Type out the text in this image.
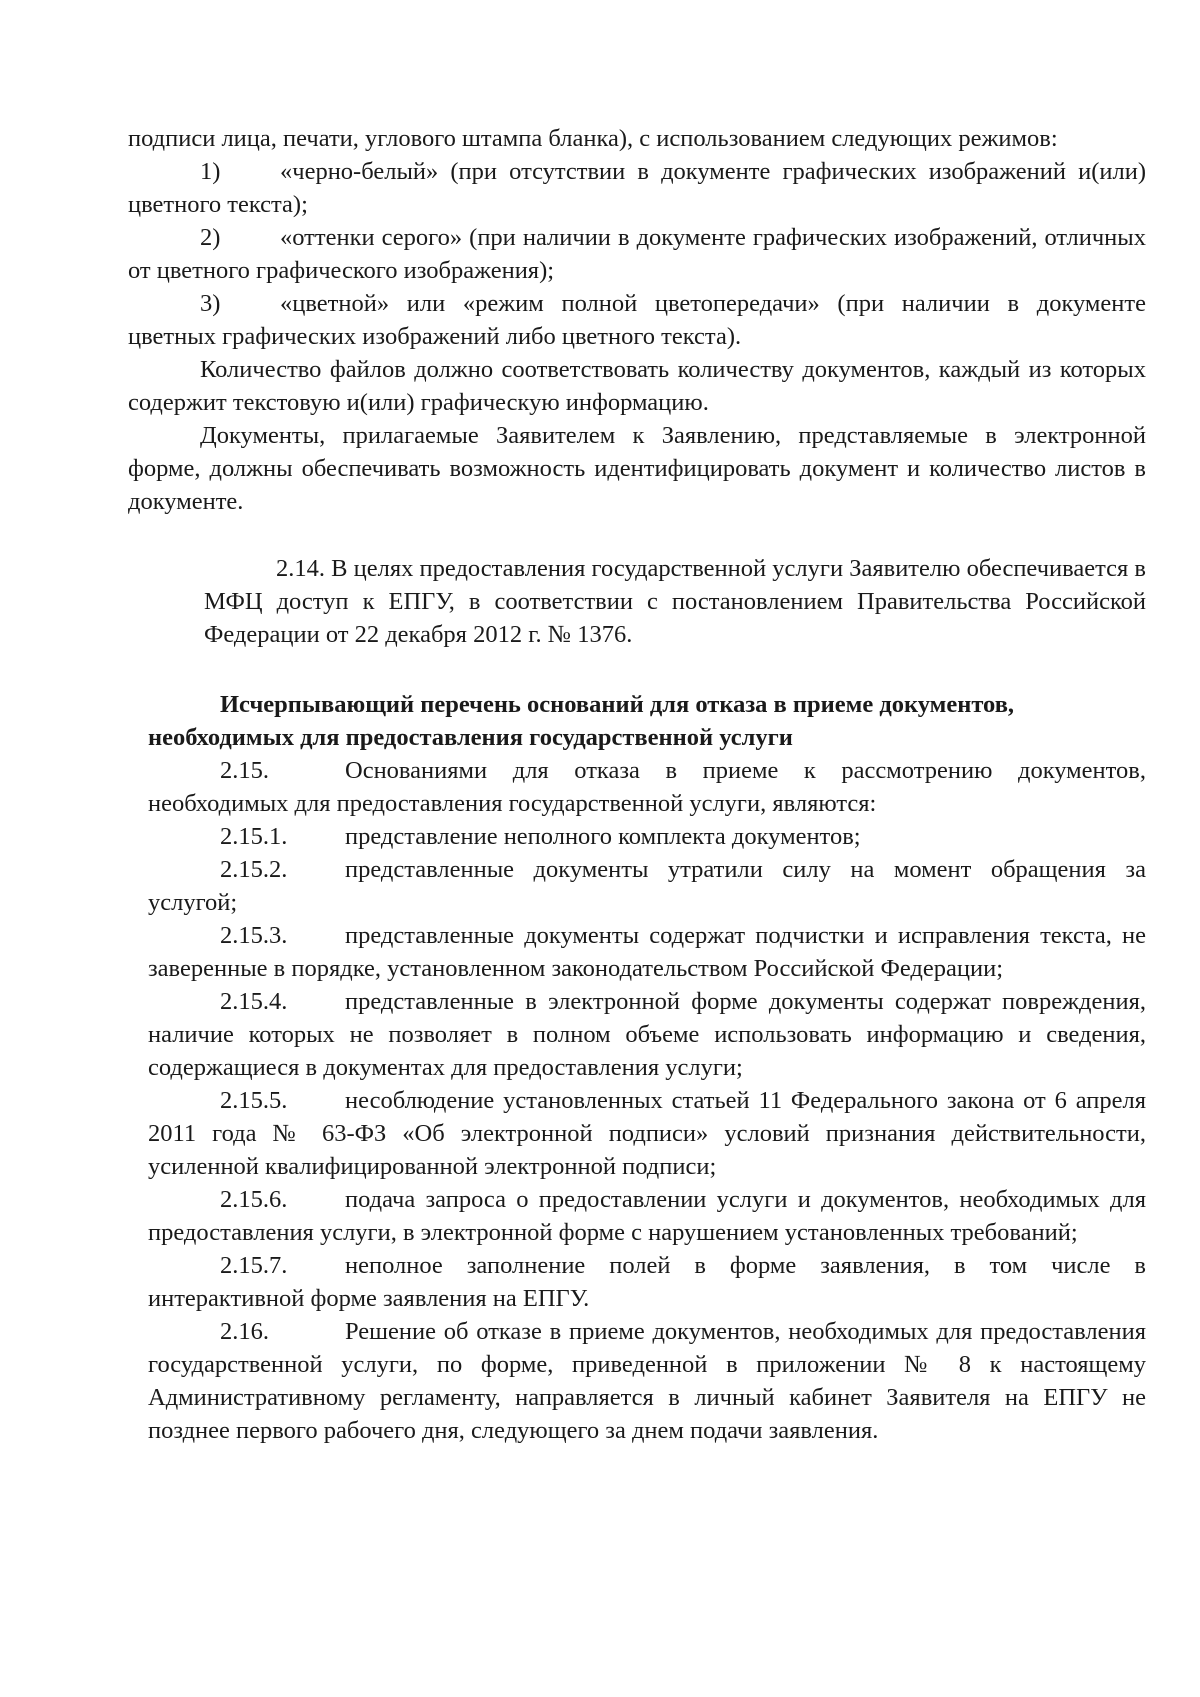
подписи лица, печати, углового штампа бланка), с использованием следующих режимов:

1) «черно-белый» (при отсутствии в документе графических изображений и(или) цветного текста);

2) «оттенки серого» (при наличии в документе графических изображений, отличных от цветного графического изображения);

3) «цветной» или «режим полной цветопередачи» (при наличии в документе цветных графических изображений либо цветного текста).

Количество файлов должно соответствовать количеству документов, каждый из которых содержит текстовую и(или) графическую информацию.

Документы, прилагаемые Заявителем к Заявлению, представляемые в электронной форме, должны обеспечивать возможность идентифицировать документ и количество листов в документе.

2.14. В целях предоставления государственной услуги Заявителю обеспечивается в МФЦ доступ к ЕПГУ, в соответствии с постановлением Правительства Российской Федерации от 22 декабря 2012 г. № 1376.

Исчерпывающий перечень оснований для отказа в приеме документов, необходимых для предоставления государственной услуги

2.15.	Основаниями для отказа в приеме к рассмотрению документов, необходимых для предоставления государственной услуги, являются:

2.15.1. представление неполного комплекта документов;

2.15.2. представленные документы утратили силу на момент обращения за услугой;

2.15.3. представленные документы содержат подчистки и исправления текста, не заверенные в порядке, установленном законодательством Российской Федерации;

2.15.4. представленные в электронной форме документы содержат повреждения, наличие которых не позволяет в полном объеме использовать информацию и сведения, содержащиеся в документах для предоставления услуги;

2.15.5. несоблюдение установленных статьей 11 Федерального закона от 6 апреля 2011 года № 63-ФЗ «Об электронной подписи» условий признания действительности, усиленной квалифицированной электронной подписи;

2.15.6. подача запроса о предоставлении услуги и документов, необходимых для предоставления услуги, в электронной форме с нарушением установленных требований;

2.15.7. неполное заполнение полей в форме заявления, в том числе в интерактивной форме заявления на ЕПГУ.

2.16.	Решение об отказе в приеме документов, необходимых для предоставления государственной услуги, по форме, приведенной в приложении № 8 к настоящему Административному регламенту, направляется в личный кабинет Заявителя на ЕПГУ не позднее первого рабочего дня, следующего за днем подачи заявления.
